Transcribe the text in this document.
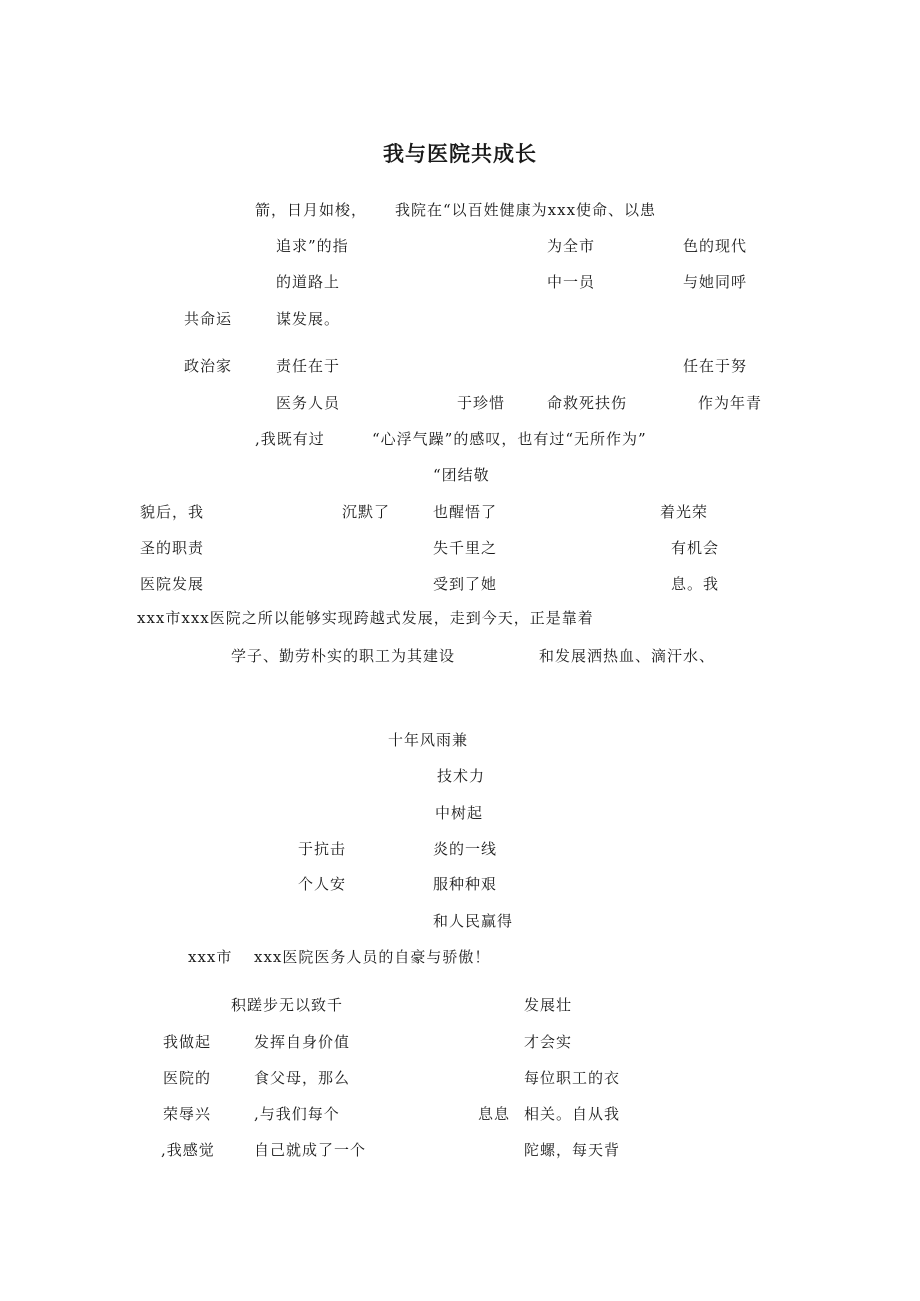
我与医院共成长
箭，日月如梭， 我院在“以百姓健康为xxx使命、以患
追求”的指	为全市	色的现代
的道路上	中一员	与她同呼
共命运	谋发展。
政治家	责任在于	任在于努
医务人员	于珍惜	命救死扶伤	作为年青
,我既有过	“心浮气躁”的感叹，也有过“无所作为”
“团结敬
貌后，我	沉默了	也醒悟了	着光荣
圣的职责	失千里之	有机会
医院发展	受到了她	息。我
xxx市xxx医院之所以能够实现跨越式发展，走到今天，正是靠着
学子、勤劳朴实的职工为其建设	和发展洒热血、滴汗水、
十年风雨兼
技术力
中树起
于抗击	炎的一线
个人安	服种种艰
和人民赢得
xxx市 xxx医院医务人员的自豪与骄傲！
积蹉步无以致千	发展壮
我做起	发挥自身价值	才会实
医院的	食父母，那么	每位职工的衣
荣辱兴	,与我们每个	息息 相关。自从我
,我感觉	自己就成了一个	陀螺，每天背
